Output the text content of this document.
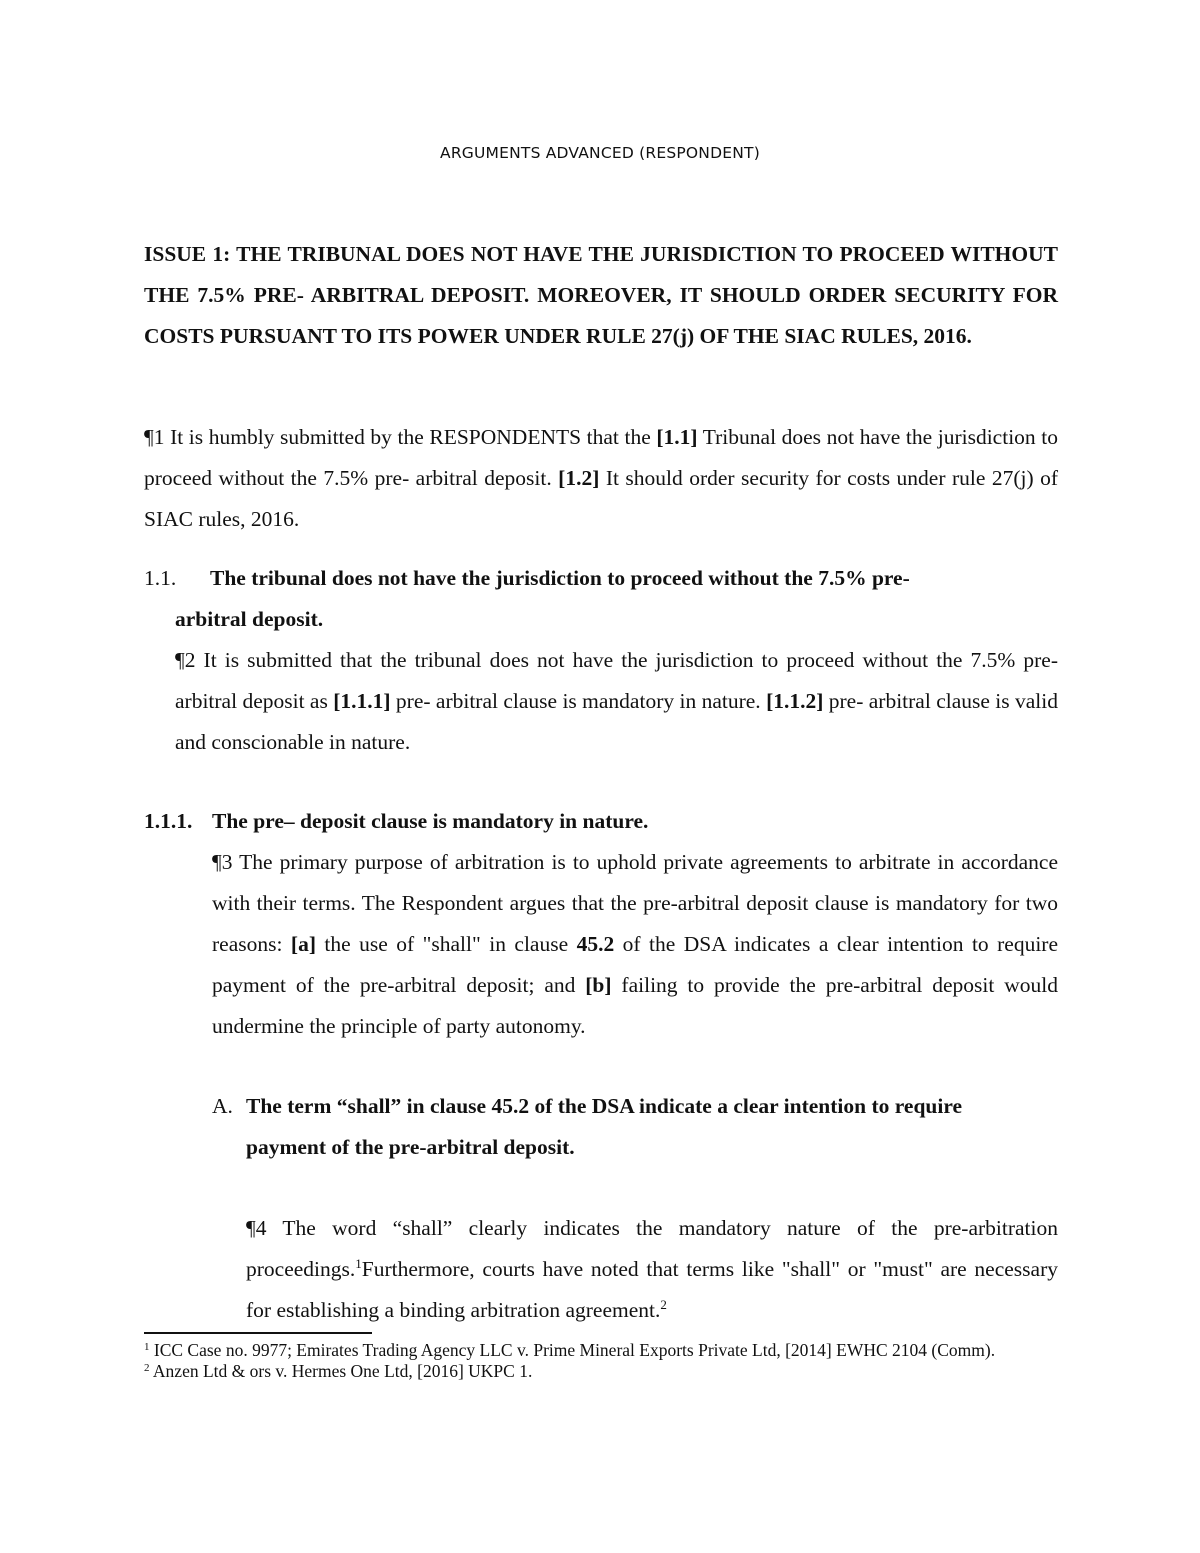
ARGUMENTS ADVANCED (RESPONDENT)

ISSUE 1: THE TRIBUNAL DOES NOT HAVE THE JURISDICTION TO PROCEED WITHOUT THE 7.5% PRE- ARBITRAL DEPOSIT. MOREOVER, IT SHOULD ORDER SECURITY FOR COSTS PURSUANT TO ITS POWER UNDER RULE 27(j) OF THE SIAC RULES, 2016.

¶1 It is humbly submitted by the RESPONDENTS that the [1.1] Tribunal does not have the jurisdiction to proceed without the 7.5% pre- arbitral deposit. [1.2] It should order security for costs under rule 27(j) of SIAC rules, 2016.

1.1. The tribunal does not have the jurisdiction to proceed without the 7.5% pre-

arbitral deposit.

¶2 It is submitted that the tribunal does not have the jurisdiction to proceed without the 7.5% pre- arbitral deposit as [1.1.1] pre- arbitral clause is mandatory in nature. [1.1.2] pre- arbitral clause is valid and conscionable in nature.

1.1.1. The pre– deposit clause is mandatory in nature.

¶3 The primary purpose of arbitration is to uphold private agreements to arbitrate in accordance with their terms. The Respondent argues that the pre-arbitral deposit clause is mandatory for two reasons: [a] the use of "shall" in clause 45.2 of the DSA indicates a clear intention to require payment of the pre-arbitral deposit; and [b] failing to provide the pre-arbitral deposit would undermine the principle of party autonomy.

A. The term “shall” in clause 45.2 of the DSA indicate a clear intention to require

payment of the pre-arbitral deposit.

¶4 The word “shall” clearly indicates the mandatory nature of the pre-arbitration proceedings.$^1$Furthermore, courts have noted that terms like "shall" or "must" are necessary for establishing a binding arbitration agreement.$^2$

$^1$ ICC Case no. 9977; Emirates Trading Agency LLC v. Prime Mineral Exports Private Ltd, [2014] EWHC 2104 (Comm).

$^2$ Anzen Ltd & ors v. Hermes One Ltd, [2016] UKPC 1.
